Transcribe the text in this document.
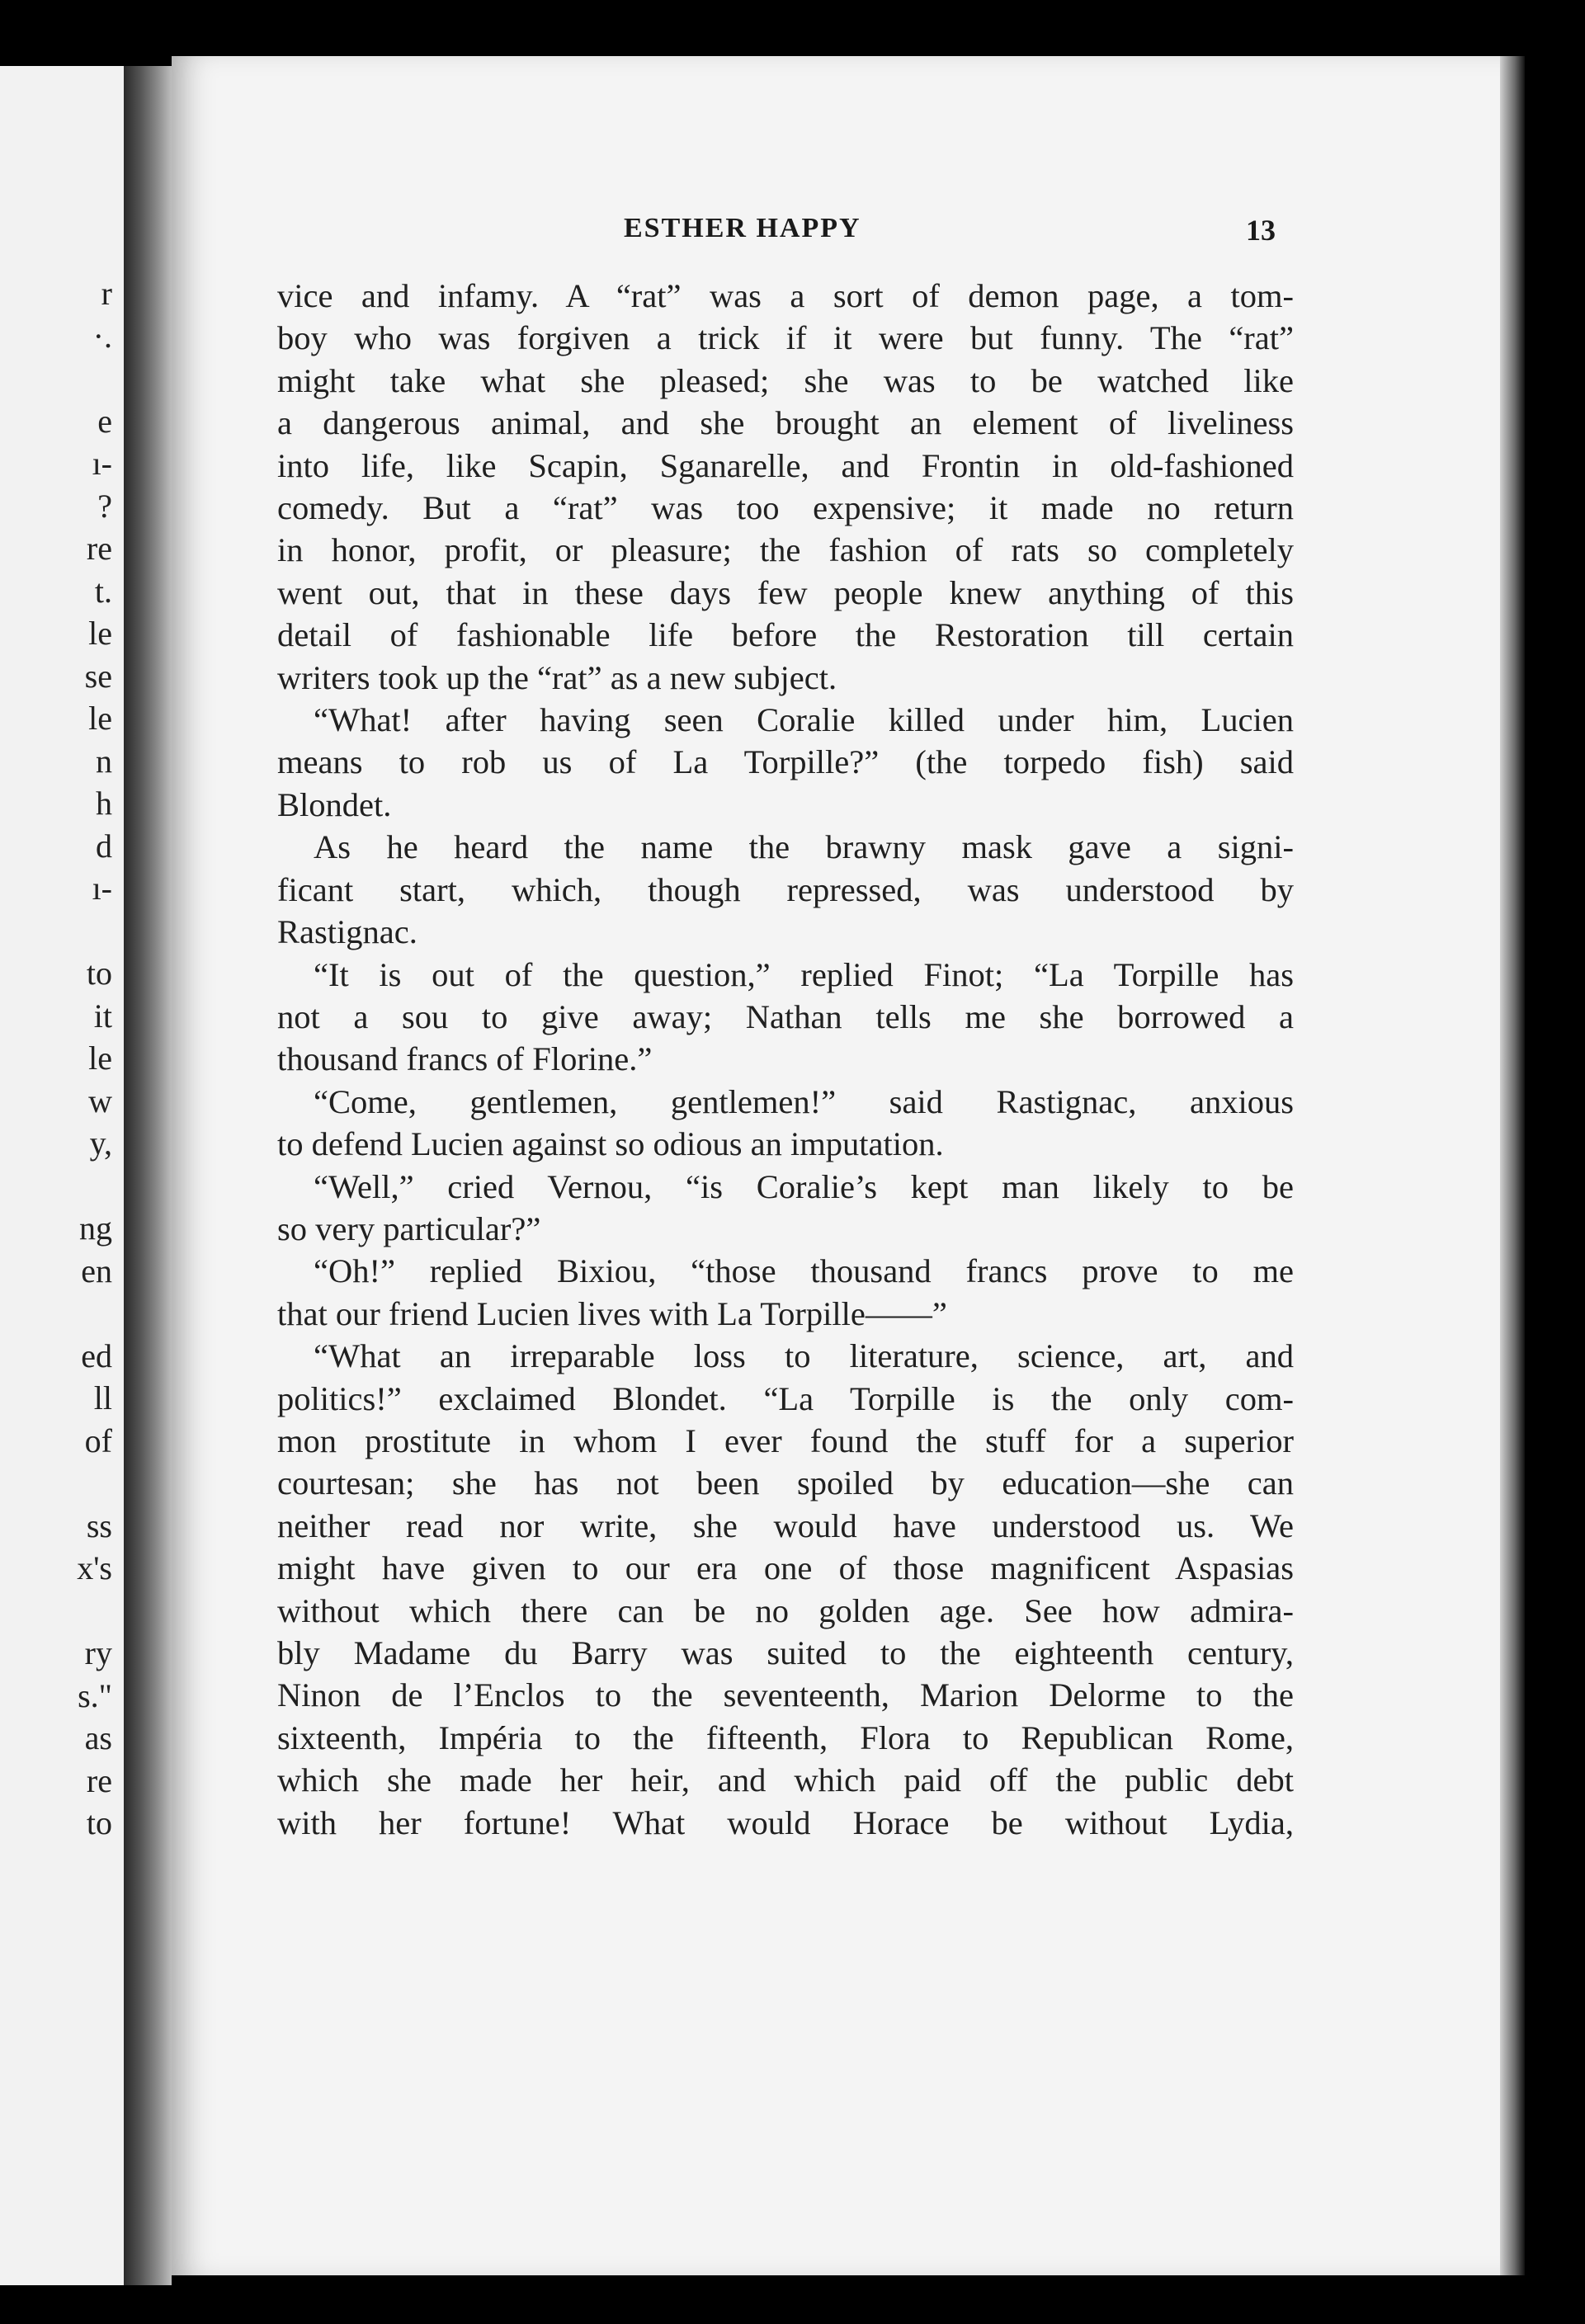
r
·.
e
ı-
?
re
t.
le
se
le
n
h
d
ı-
to
it
le
w
y,
ng
en
ed
ll
of
ss
x's
ry
s."
as
re
to
ESTHER HAPPY	13
vice and infamy. A “rat” was a sort of demon page, a tom-
boy who was forgiven a trick if it were but funny. The “rat”
might take what she pleased; she was to be watched like
a dangerous animal, and she brought an element of liveliness
into life, like Scapin, Sganarelle, and Frontin in old-fashioned
comedy. But a “rat” was too expensive; it made no return
in honor, profit, or pleasure; the fashion of rats so completely
went out, that in these days few people knew anything of this
detail of fashionable life before the Restoration till certain
writers took up the “rat” as a new subject.
“What! after having seen Coralie killed under him, Lucien
means to rob us of La Torpille?” (the torpedo fish) said
Blondet.
As he heard the name the brawny mask gave a signi-
ficant start, which, though repressed, was understood by
Rastignac.
“It is out of the question,” replied Finot; “La Torpille has
not a sou to give away; Nathan tells me she borrowed a
thousand francs of Florine.”
“Come, gentlemen, gentlemen!” said Rastignac, anxious
to defend Lucien against so odious an imputation.
“Well,” cried Vernou, “is Coralie’s kept man likely to be
so very particular?”
“Oh!” replied Bixiou, “those thousand francs prove to me
that our friend Lucien lives with La Torpille——”
“What an irreparable loss to literature, science, art, and
politics!” exclaimed Blondet. “La Torpille is the only com-
mon prostitute in whom I ever found the stuff for a superior
courtesan; she has not been spoiled by education—she can
neither read nor write, she would have understood us. We
might have given to our era one of those magnificent Aspasias
without which there can be no golden age. See how admira-
bly Madame du Barry was suited to the eighteenth century,
Ninon de l’Enclos to the seventeenth, Marion Delorme to the
sixteenth, Impéria to the fifteenth, Flora to Republican Rome,
which she made her heir, and which paid off the public debt
with her fortune! What would Horace be without Lydia,
